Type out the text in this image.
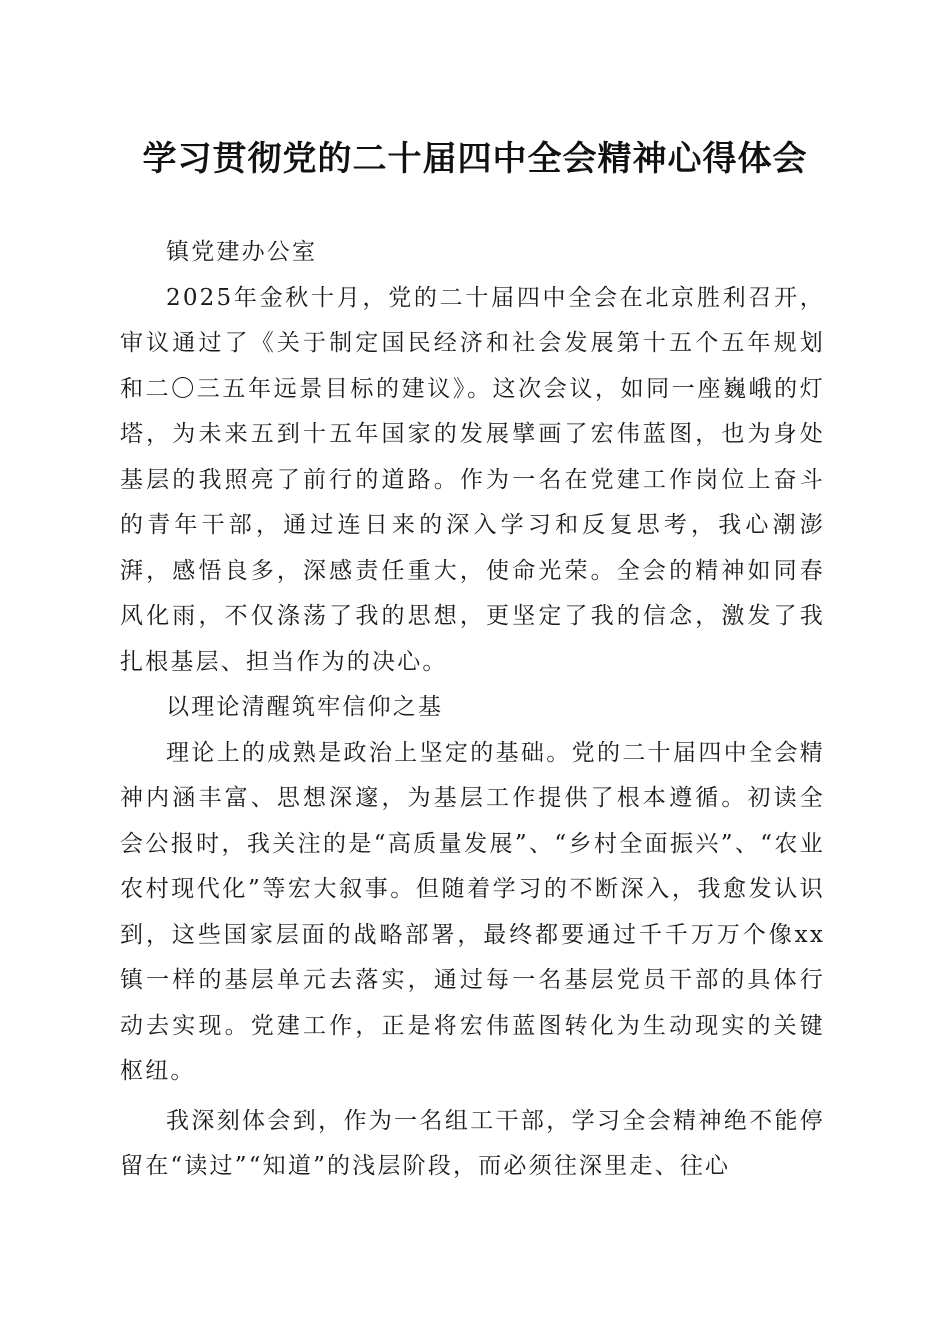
学习贯彻党的二十届四中全会精神心得体会

镇党建办公室

2025年金秋十月，党的二十届四中全会在北京胜利召开，审议通过了《关于制定国民经济和社会发展第十五个五年规划和二〇三五年远景目标的建议》。这次会议，如同一座巍峨的灯塔，为未来五到十五年国家的发展擘画了宏伟蓝图，也为身处基层的我照亮了前行的道路。作为一名在党建工作岗位上奋斗的青年干部，通过连日来的深入学习和反复思考，我心潮澎湃，感悟良多，深感责任重大，使命光荣。全会的精神如同春风化雨，不仅涤荡了我的思想，更坚定了我的信念，激发了我扎根基层、担当作为的决心。

以理论清醒筑牢信仰之基

理论上的成熟是政治上坚定的基础。党的二十届四中全会精神内涵丰富、思想深邃，为基层工作提供了根本遵循。初读全会公报时，我关注的是“高质量发展”、“乡村全面振兴”、“农业农村现代化”等宏大叙事。但随着学习的不断深入，我愈发认识到，这些国家层面的战略部署，最终都要通过千千万万个像xx镇一样的基层单元去落实，通过每一名基层党员干部的具体行动去实现。党建工作，正是将宏伟蓝图转化为生动现实的关键枢纽。

我深刻体会到，作为一名组工干部，学习全会精神绝不能停留在“读过”“知道”的浅层阶段，而必须往深里走、往心
